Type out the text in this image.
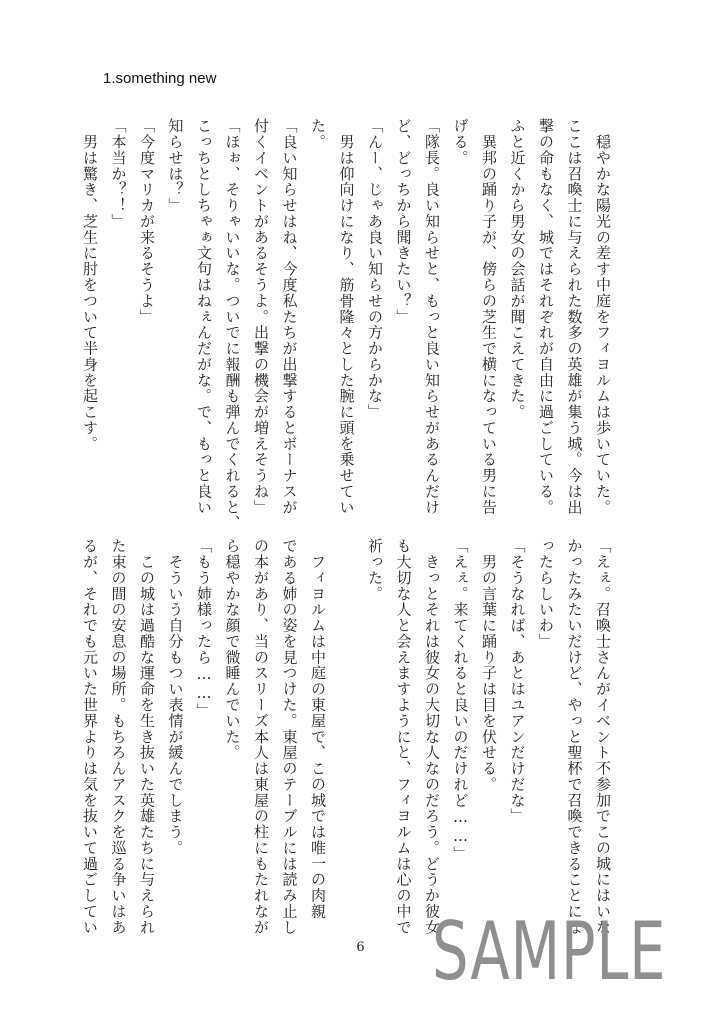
1.something new
　穏やかな陽光の差す中庭をフィヨルムは歩いていた。
ここは召喚士に与えられた数多の英雄が集う城。今は出
撃の命もなく、城ではそれぞれが自由に過ごしている。
ふと近くから男女の会話が聞こえてきた。
　異邦の踊り子が、傍らの芝生で横になっている男に告
げる。
「隊長。良い知らせと、もっと良い知らせがあるんだけ
ど、どっちから聞きたい？」
「んー、じゃあ良い知らせの方からかな」
　男は仰向けになり、筋骨隆々とした腕に頭を乗せてい
た。
「良い知らせはね、今度私たちが出撃するとボーナスが
付くイベントがあるそうよ。出撃の機会が増えそうね」
「ほぉ、そりゃいいな。ついでに報酬も弾んでくれると、
こっちとしちゃぁ文句はねぇんだがな。で、もっと良い
知らせは？」
「今度マリカが来るそうよ」
「本当か？！」
　男は驚き、芝生に肘をついて半身を起こす。
「えぇ。召喚士さんがイベント不参加でこの城にはいな
かったみたいだけど、やっと聖杯で召喚できることにな
ったらしいわ」
「そうなれば、あとはユアンだけだな」
　男の言葉に踊り子は目を伏せる。
「えぇ。来てくれると良いのだけれど……」
　きっとそれは彼女の大切な人なのだろう。どうか彼女
も大切な人と会えますようにと、フィヨルムは心の中で
祈った。

　フィヨルムは中庭の東屋で、この城では唯一の肉親
である姉の姿を見つけた。東屋のテーブルには読み止し
の本があり、当のスリーズ本人は東屋の柱にもたれなが
ら穏やかな顔で微睡んでいた。
「もう姉様ったら……」
　そういう自分もつい表情が緩んでしまう。
　この城は過酷な運命を生き抜いた英雄たちに与えられ
た束の間の安息の場所。もちろんアスクを巡る争いはあ
るが、それでも元いた世界よりは気を抜いて過ごしてい
6 SAMPLE
